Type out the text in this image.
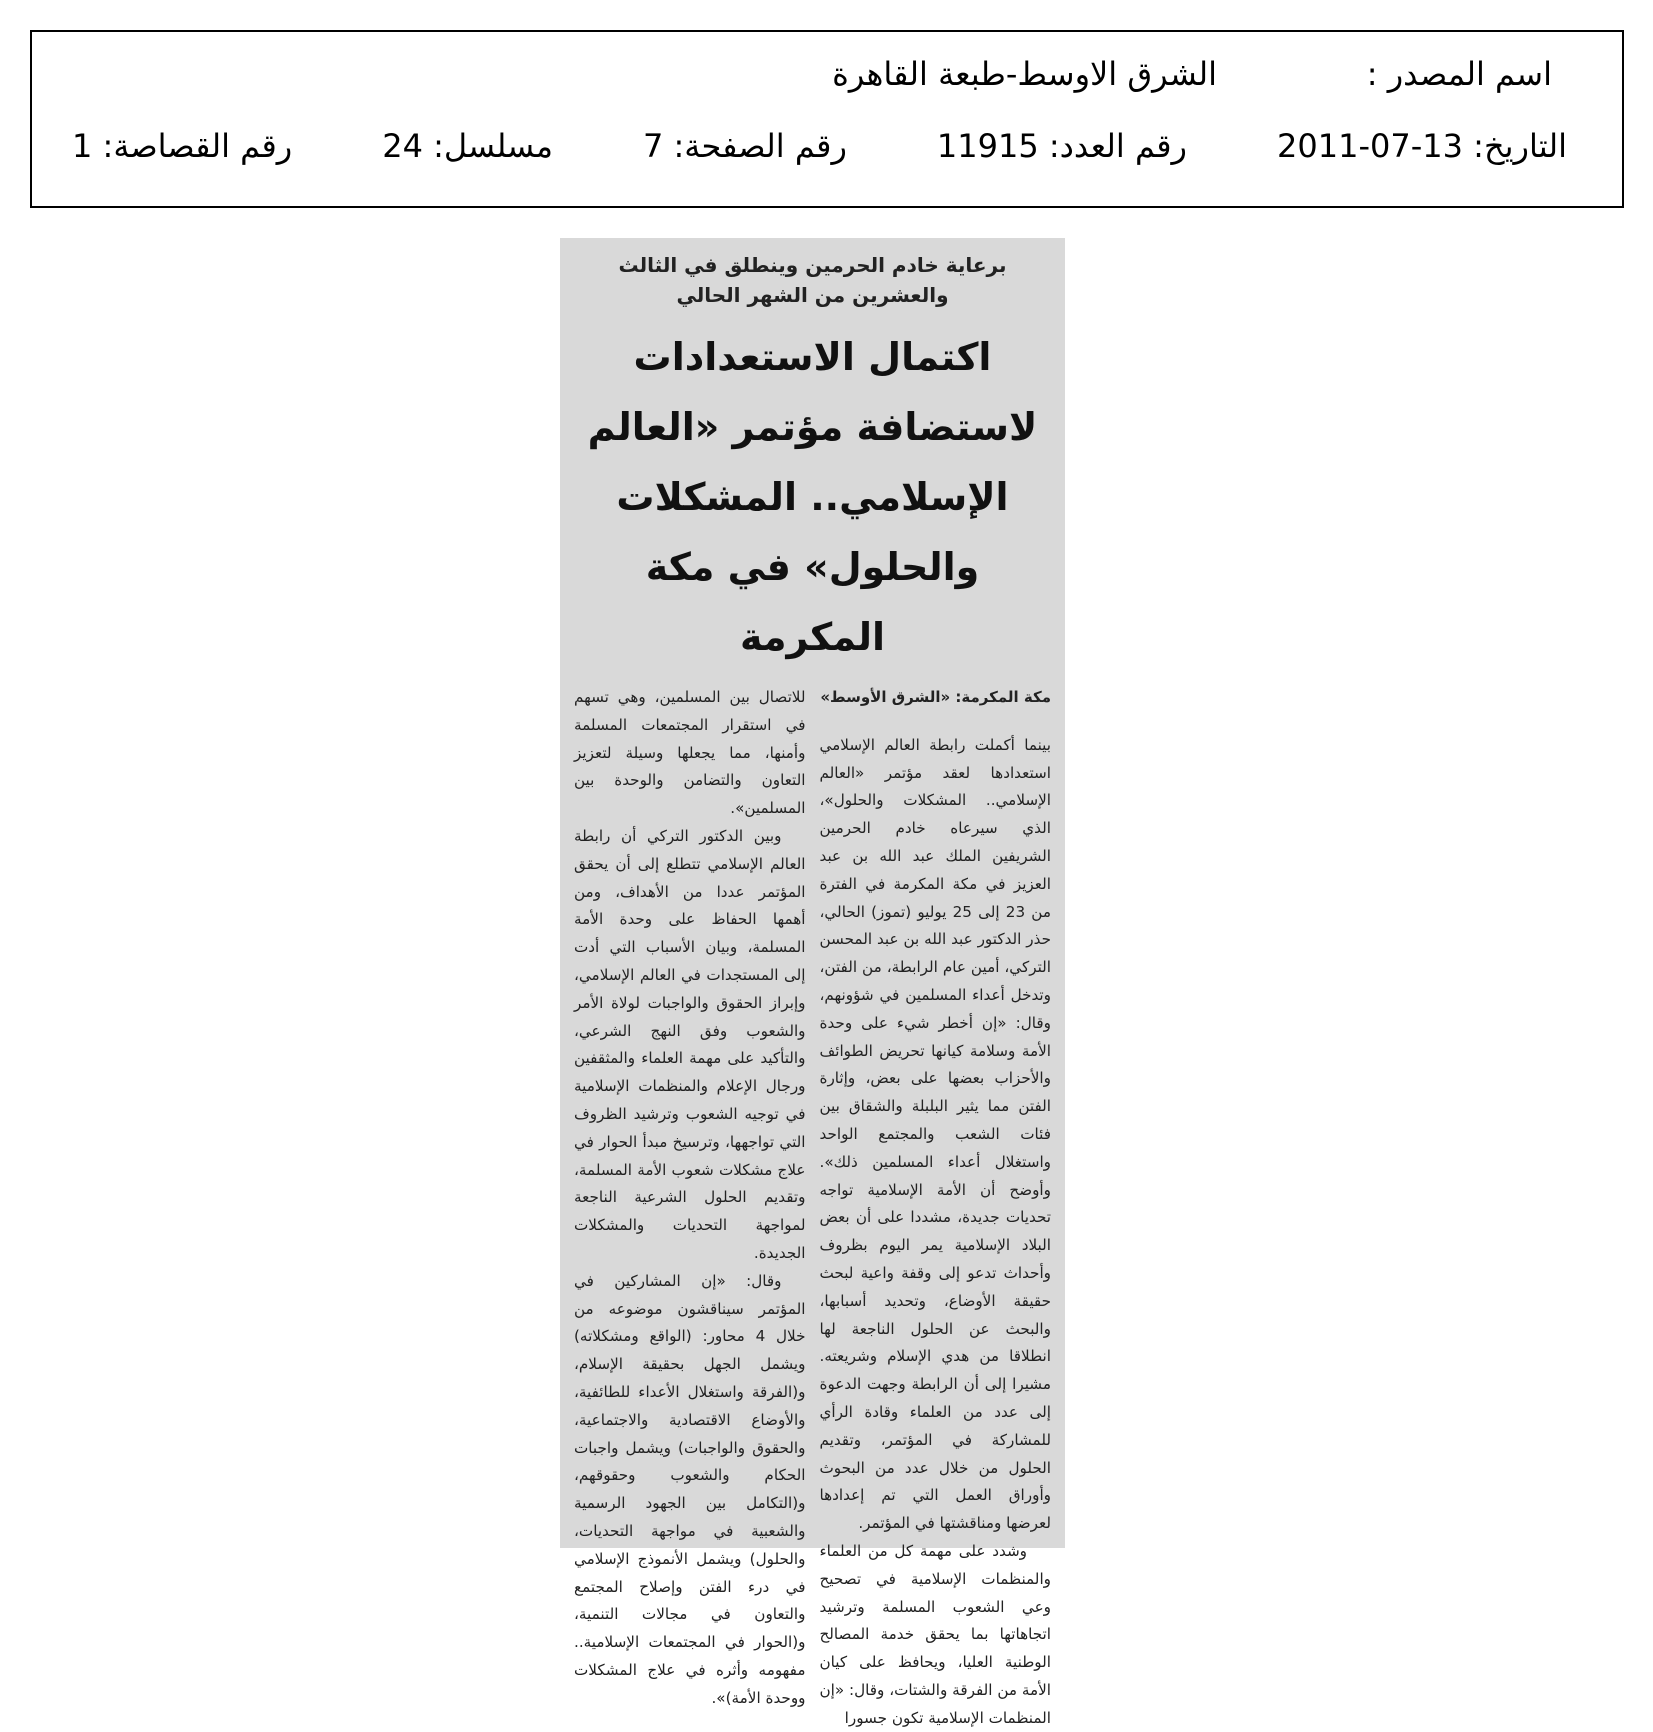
اسم المصدر :
الشرق الاوسط-طبعة القاهرة
التاريخ: 13-07-2011
رقم العدد: 11915
رقم الصفحة: 7
مسلسل: 24
رقم القصاصة: 1
برعاية خادم الحرمين وينطلق في الثالث والعشرين من الشهر الحالي
اكتمال الاستعدادات لاستضافة مؤتمر «العالم
الإسلامي.. المشكلات والحلول» في مكة المكرمة
مكة المكرمة: «الشرق الأوسط»

بينما أكملت رابطة العالم الإسلامي استعدادها لعقد مؤتمر «العالم الإسلامي.. المشكلات والحلول»، الذي سيرعاه خادم الحرمين الشريفين الملك عبد الله بن عبد العزيز في مكة المكرمة في الفترة من 23 إلى 25 يوليو (تموز) الحالي، حذر الدكتور عبد الله بن عبد المحسن التركي، أمين عام الرابطة، من الفتن، وتدخل أعداء المسلمين في شؤونهم، وقال: «إن أخطر شيء على وحدة الأمة وسلامة كيانها تحريض الطوائف والأحزاب بعضها على بعض، وإثارة الفتن مما يثير البلبلة والشقاق بين فئات الشعب والمجتمع الواحد واستغلال أعداء المسلمين ذلك». وأوضح أن الأمة الإسلامية تواجه تحديات جديدة، مشددا على أن بعض البلاد الإسلامية يمر اليوم بظروف وأحداث تدعو إلى وقفة واعية لبحث حقيقة الأوضاع، وتحديد أسبابها، والبحث عن الحلول الناجعة لها انطلاقا من هدي الإسلام وشريعته. مشيرا إلى أن الرابطة وجهت الدعوة إلى عدد من العلماء وقادة الرأي للمشاركة في المؤتمر، وتقديم الحلول من خلال عدد من البحوث وأوراق العمل التي تم إعدادها لعرضها ومناقشتها في المؤتمر.

وشدد على مهمة كل من العلماء والمنظمات الإسلامية في تصحيح وعي الشعوب المسلمة وترشيد اتجاهاتها بما يحقق خدمة المصالح الوطنية العليا، ويحافظ على كيان الأمة من الفرقة والشتات، وقال: «إن المنظمات الإسلامية تكون جسورا

للاتصال بين المسلمين، وهي تسهم في استقرار المجتمعات المسلمة وأمنها، مما يجعلها وسيلة لتعزيز التعاون والتضامن والوحدة بين المسلمين».

وبين الدكتور التركي أن رابطة العالم الإسلامي تتطلع إلى أن يحقق المؤتمر عددا من الأهداف، ومن أهمها الحفاظ على وحدة الأمة المسلمة، وبيان الأسباب التي أدت إلى المستجدات في العالم الإسلامي، وإبراز الحقوق والواجبات لولاة الأمر والشعوب وفق النهج الشرعي، والتأكيد على مهمة العلماء والمثقفين ورجال الإعلام والمنظمات الإسلامية في توجيه الشعوب وترشيد الظروف التي تواجهها، وترسيخ مبدأ الحوار في علاج مشكلات شعوب الأمة المسلمة، وتقديم الحلول الشرعية الناجعة لمواجهة التحديات والمشكلات الجديدة.

وقال: «إن المشاركين في المؤتمر سيناقشون موضوعه من خلال 4 محاور: (الواقع ومشكلاته) ويشمل الجهل بحقيقة الإسلام، و(الفرقة واستغلال الأعداء للطائفية، والأوضاع الاقتصادية والاجتماعية، والحقوق والواجبات) ويشمل واجبات الحكام والشعوب وحقوقهم، و(التكامل بين الجهود الرسمية والشعبية في مواجهة التحديات، والحلول) ويشمل الأنموذج الإسلامي في درء الفتن وإصلاح المجتمع والتعاون في مجالات التنمية، و(الحوار في المجتمعات الإسلامية.. مفهومه وأثره في علاج المشكلات ووحدة الأمة)».
